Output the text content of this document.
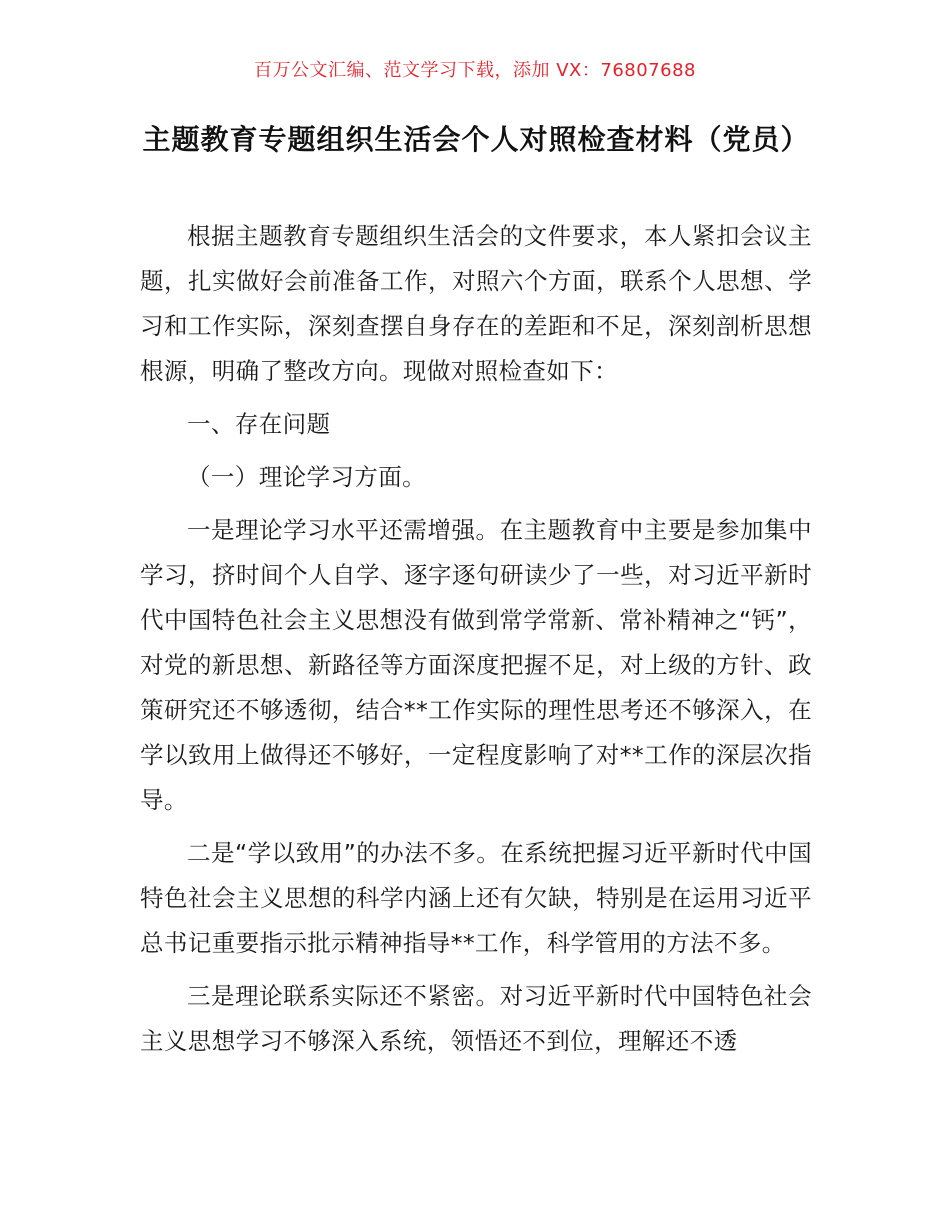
百万公文汇编、范文学习下载，添加 VX：76807688
主题教育专题组织生活会个人对照检查材料（党员）

根据主题教育专题组织生活会的文件要求，本人紧扣会议主题，扎实做好会前准备工作，对照六个方面，联系个人思想、学习和工作实际，深刻查摆自身存在的差距和不足，深刻剖析思想根源，明确了整改方向。现做对照检查如下：

一、存在问题

（一）理论学习方面。

一是理论学习水平还需增强。在主题教育中主要是参加集中学习，挤时间个人自学、逐字逐句研读少了一些，对习近平新时代中国特色社会主义思想没有做到常学常新、常补精神之“钙”，对党的新思想、新路径等方面深度把握不足，对上级的方针、政策研究还不够透彻，结合**工作实际的理性思考还不够深入，在学以致用上做得还不够好，一定程度影响了对**工作的深层次指导。

二是“学以致用”的办法不多。在系统把握习近平新时代中国特色社会主义思想的科学内涵上还有欠缺，特别是在运用习近平总书记重要指示批示精神指导**工作，科学管用的方法不多。

三是理论联系实际还不紧密。对习近平新时代中国特色社会主义思想学习不够深入系统，领悟还不到位，理解还不透
